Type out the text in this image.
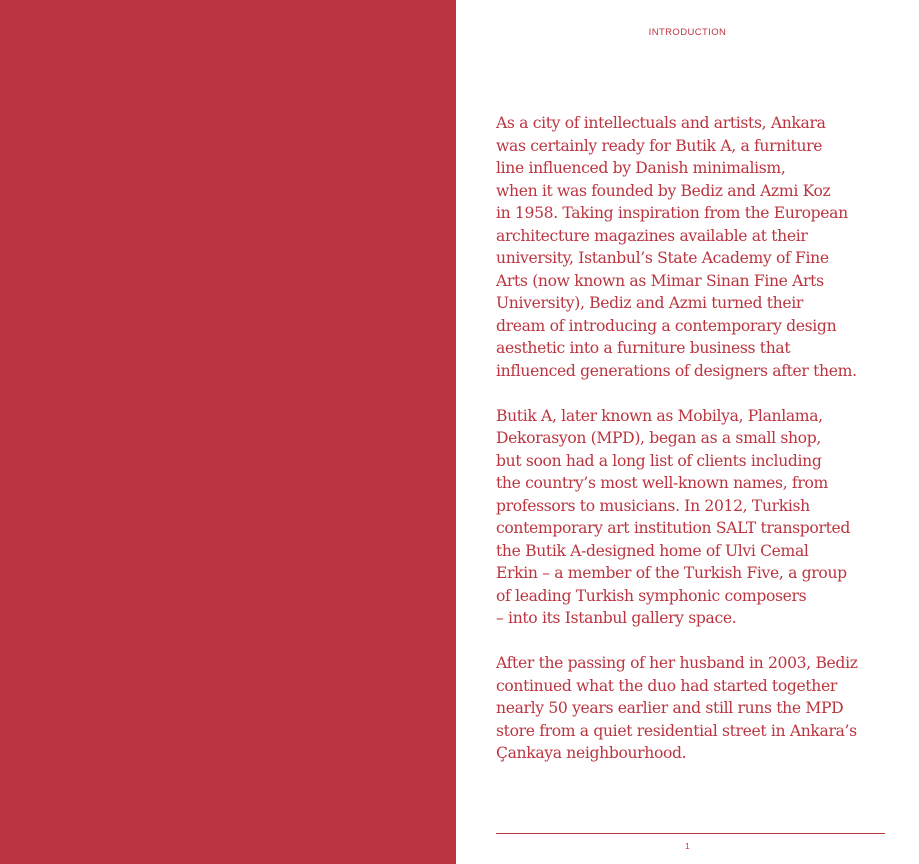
INTRODUCTION

As a city of intellectuals and artists, Ankara
was certainly ready for Butik A, a furniture
line influenced by Danish minimalism,
when it was founded by Bediz and Azmi Koz
in 1958. Taking inspiration from the European
architecture magazines available at their
university, Istanbul’s State Academy of Fine
Arts (now known as Mimar Sinan Fine Arts
University), Bediz and Azmi turned their
dream of introducing a contemporary design
aesthetic into a furniture business that
influenced generations of designers after them.

Butik A, later known as Mobilya, Planlama,
Dekorasyon (MPD), began as a small shop,
but soon had a long list of clients including
the country’s most well-known names, from
professors to musicians. In 2012, Turkish
contemporary art institution SALT transported
the Butik A-designed home of Ulvi Cemal
Erkin – a member of the Turkish Five, a group
of leading Turkish symphonic composers
– into its Istanbul gallery space.

After the passing of her husband in 2003, Bediz
continued what the duo had started together
nearly 50 years earlier and still runs the MPD
store from a quiet residential street in Ankara’s
Çankaya neighbourhood.

1
